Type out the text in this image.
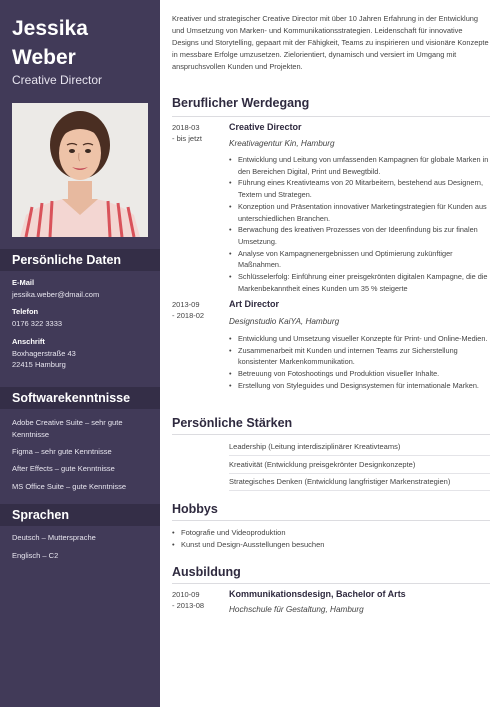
Jessika
Weber
Creative Director
Persönliche Daten
E-Mail
jessika.weber@dmail.com
Telefon
0176 322 3333
Anschrift
Boxhagerstraße 43
22415 Hamburg
Softwarekenntnisse
Adobe Creative Suite – sehr gute Kenntnisse
Figma – sehr gute Kenntnisse
After Effects – gute Kenntnisse
MS Office Suite – gute Kenntnisse
Sprachen
Deutsch – Muttersprache
Englisch – C2

Kreativer und strategischer Creative Director mit über 10 Jahren Erfahrung in der Entwicklung und Umsetzung von Marken- und Kommunikationsstrategien. Leidenschaft für innovative Designs und Storytelling, gepaart mit der Fähigkeit, Teams zu inspirieren und visionäre Konzepte in messbare Erfolge umzusetzen. Zielorientiert, dynamisch und versiert im Umgang mit anspruchsvollen Kunden und Projekten.

Beruflicher Werdegang
2018-03
- bis jetzt
Creative Director
Kreativagentur Kin, Hamburg
• Entwicklung und Leitung von umfassenden Kampagnen für globale Marken in den Bereichen Digital, Print und Bewegtbild.
• Führung eines Kreativteams von 20 Mitarbeitern, bestehend aus Designern, Textern und Strategen.
• Konzeption und Präsentation innovativer Marketingstrategien für Kunden aus unterschiedlichen Branchen.
• Berwachung des kreativen Prozesses von der Ideenfindung bis zur finalen Umsetzung.
• Analyse von Kampagnenergebnissen und Optimierung zukünftiger Maßnahmen.
• Schlüsselerfolg: Einführung einer preisgekrönten digitalen Kampagne, die die Markenbekanntheit eines Kunden um 35 % steigerte
2013-09
- 2018-02
Art Director
Designstudio KaiYA, Hamburg
• Entwicklung und Umsetzung visueller Konzepte für Print- und Online-Medien.
• Zusammenarbeit mit Kunden und internen Teams zur Sicherstellung konsistenter Markenkommunikation.
• Betreuung von Fotoshootings und Produktion visueller Inhalte.
• Erstellung von Styleguides und Designsystemen für internationale Marken.
Persönliche Stärken
Leadership (Leitung interdisziplinärer Kreativteams)
Kreativität (Entwicklung preisgekrönter Designkonzepte)
Strategisches Denken (Entwicklung langfristiger Markenstrategien)
Hobbys
• Fotografie und Videoproduktion
• Kunst und Design-Ausstellungen besuchen
Ausbildung
2010-09
- 2013-08
Kommunikationsdesign, Bachelor of Arts
Hochschule für Gestaltung, Hamburg
